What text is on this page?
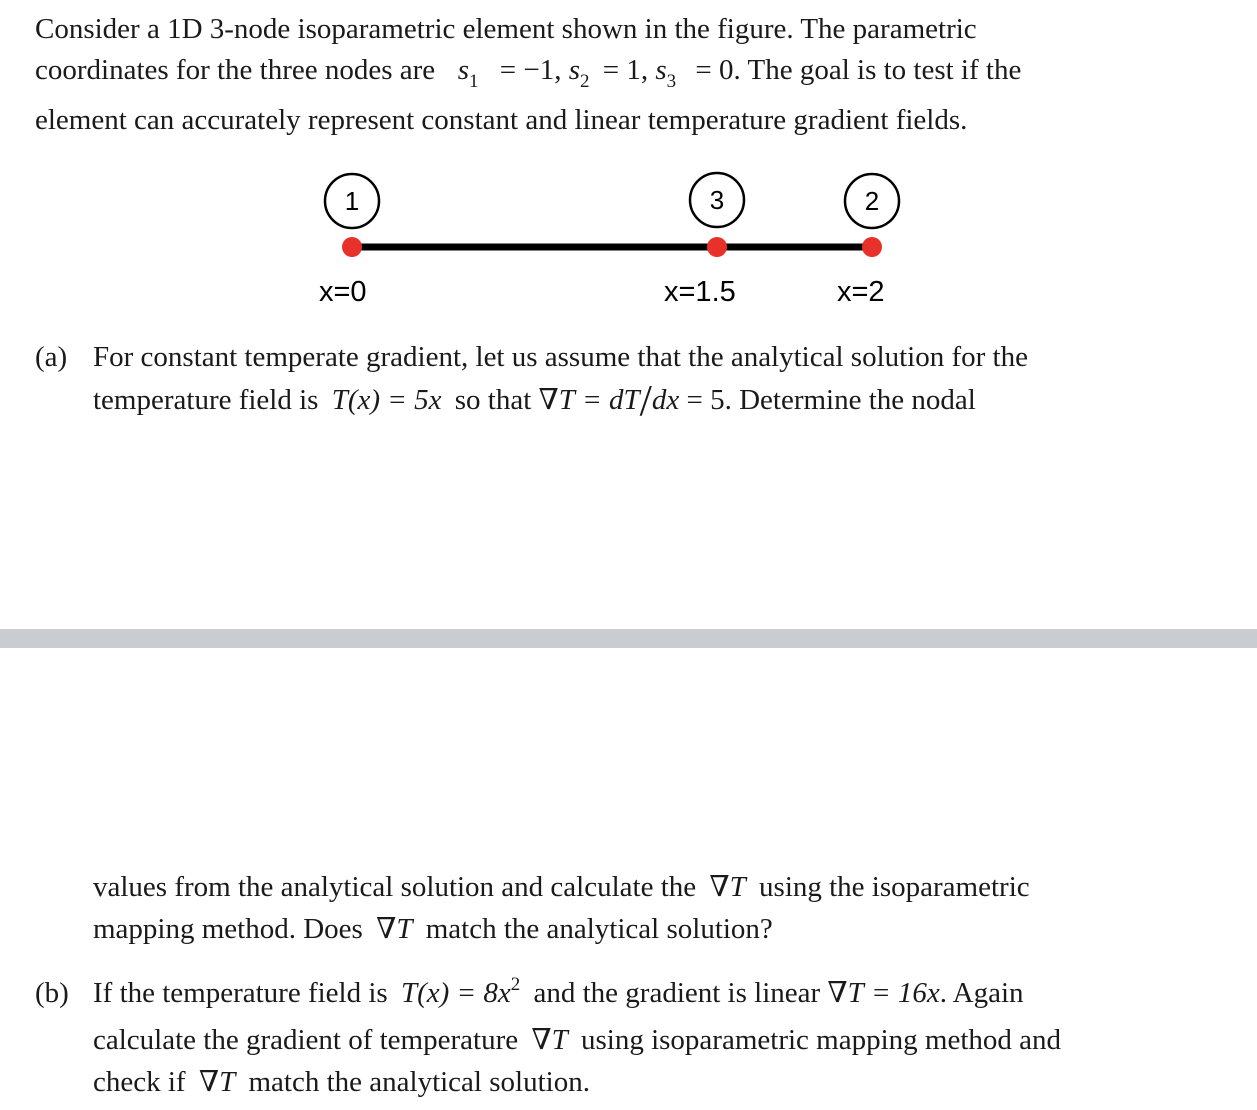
Consider a 1D 3-node isoparametric element shown in the figure. The parametric
coordinates for the three nodes are $s_1 = -1$, $s_2 = 1$, $s_3 = 0$. The goal is to test if the
element can accurately represent constant and linear temperature gradient fields.
1	3	2
x=0	x=1.5	x=2
(a) For constant temperate gradient, let us assume that the analytical solution for the
temperature field is T(x) = 5x so that ∇T = dT/dx = 5. Determine the nodal
values from the analytical solution and calculate the ∇T using the isoparametric
mapping method. Does ∇T match the analytical solution?
(b) If the temperature field is $T(x) = 8x^2$ and the gradient is linear ∇T = 16x. Again
calculate the gradient of temperature ∇T using isoparametric mapping method and
check if ∇T match the analytical solution.
